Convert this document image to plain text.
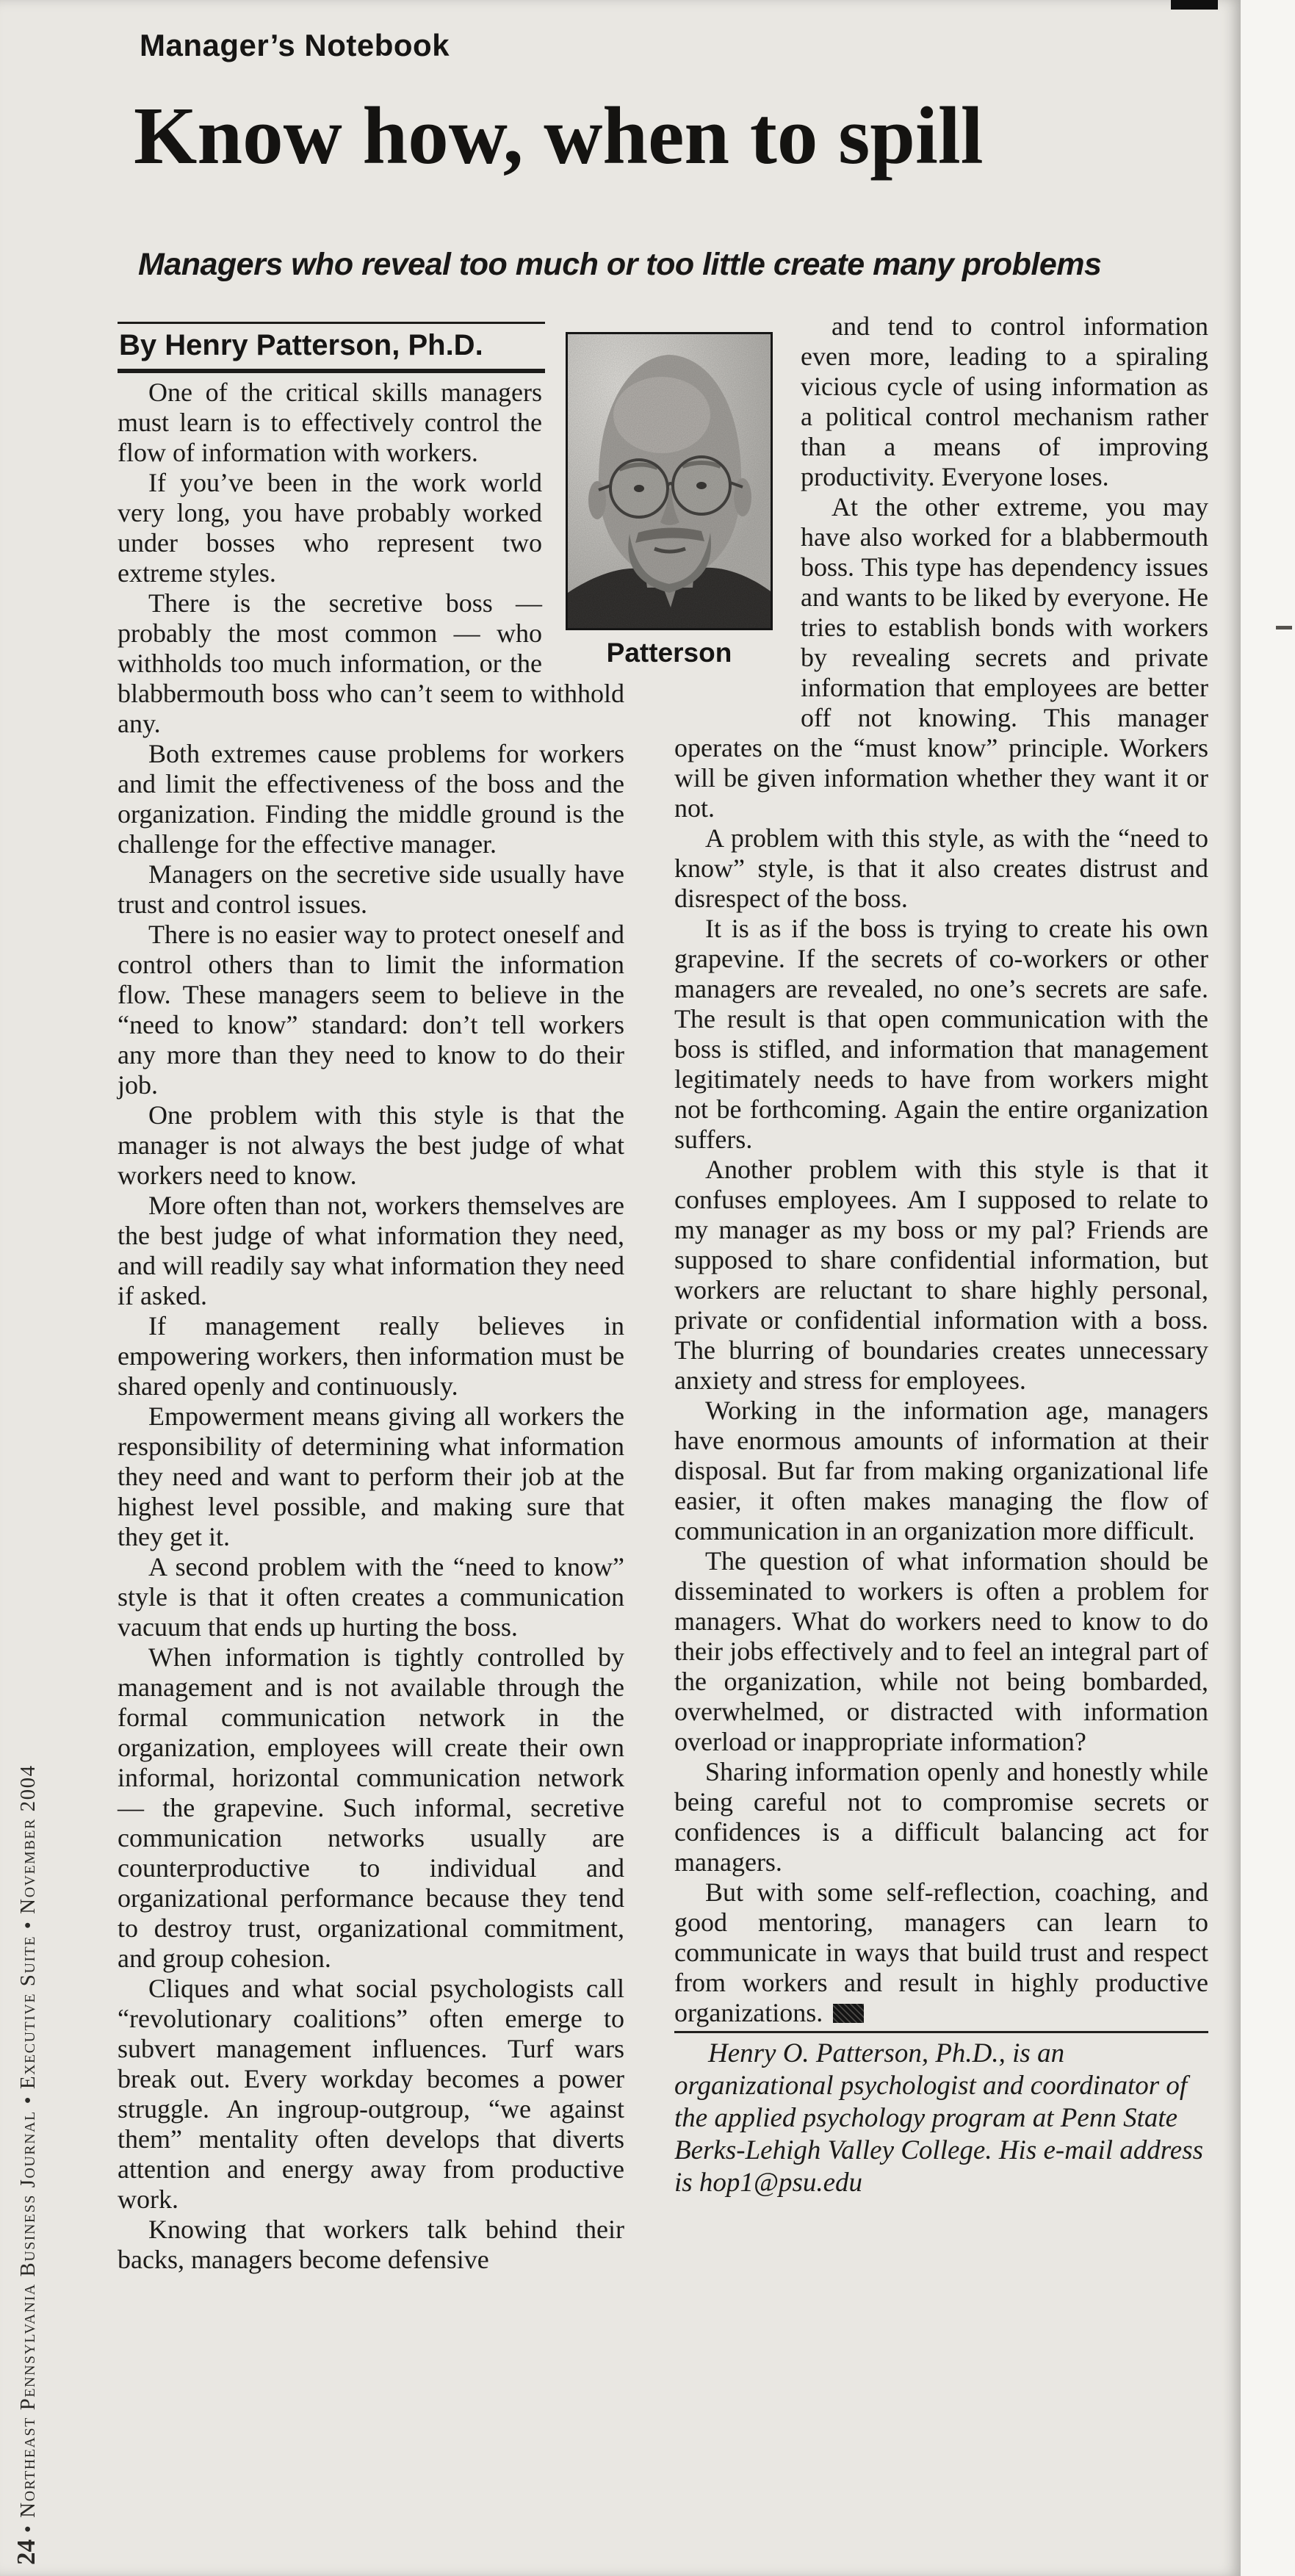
Manager’s Notebook
Know how, when to spill
Managers who reveal too much or too little create many problems
Patterson
By Henry Patterson, Ph.D.

One of the critical skills managers must learn is to effectively control the flow of information with workers.

If you’ve been in the work world very long, you have probably worked under bosses who represent two extreme styles.

There is the secretive boss — probably the most common — who withholds too much information, or the blabbermouth boss who can’t seem to withhold any.

Both extremes cause problems for workers and limit the effectiveness of the boss and the organization. Finding the middle ground is the challenge for the effective manager.

Managers on the secretive side usually have trust and control issues.

There is no easier way to protect oneself and control others than to limit the information flow. These managers seem to believe in the “need to know” standard: don’t tell workers any more than they need to know to do their job.

One problem with this style is that the manager is not always the best judge of what workers need to know.

More often than not, workers themselves are the best judge of what information they need, and will readily say what information they need if asked.

If management really believes in empowering workers, then information must be shared openly and continuously.

Empowerment means giving all workers the responsibility of determining what information they need and want to perform their job at the highest level possible, and making sure that they get it.

A second problem with the “need to know” style is that it often creates a communication vacuum that ends up hurting the boss.

When information is tightly controlled by management and is not available through the formal communication network in the organization, employees will create their own informal, horizontal communication network — the grapevine. Such informal, secretive communication networks usually are counterproductive to individual and organizational performance because they tend to destroy trust, organizational commitment, and group cohesion.

Cliques and what social psychologists call “revolutionary coalitions” often emerge to subvert management influences. Turf wars break out. Every workday becomes a power struggle. An ingroup-outgroup, “we against them” mentality often develops that diverts attention and energy away from productive work.

Knowing that workers talk behind their backs, managers become defensive

and tend to control information even more, leading to a spiraling vicious cycle of using information as a political control mechanism rather than a means of improving productivity. Everyone loses.

At the other extreme, you may have also worked for a blabbermouth boss. This type has dependency issues and wants to be liked by everyone. He tries to establish bonds with workers by revealing secrets and private information that employees are better off not knowing. This manager operates on the “must know” principle. Workers will be given information whether they want it or not.

A problem with this style, as with the “need to know” style, is that it also creates distrust and disrespect of the boss.

It is as if the boss is trying to create his own grapevine. If the secrets of co-workers or other managers are revealed, no one’s secrets are safe. The result is that open communication with the boss is stifled, and information that management legitimately needs to have from workers might not be forthcoming. Again the entire organization suffers.

Another problem with this style is that it confuses employees. Am I supposed to relate to my manager as my boss or my pal? Friends are supposed to share confidential information, but workers are reluctant to share highly personal, private or confidential information with a boss. The blurring of boundaries creates unnecessary anxiety and stress for employees.

Working in the information age, managers have enormous amounts of information at their disposal. But far from making organizational life easier, it often makes managing the flow of communication in an organization more difficult.

The question of what information should be disseminated to workers is often a problem for managers. What do workers need to know to do their jobs effectively and to feel an integral part of the organization, while not being bombarded, overwhelmed, or distracted with information overload or inappropriate information?

Sharing information openly and honestly while being careful not to compromise secrets or confidences is a difficult balancing act for managers.

But with some self-reflection, coaching, and good mentoring, managers can learn to communicate in ways that build trust and respect from workers and result in highly productive organizations.

Henry O. Patterson, Ph.D., is an organizational psychologist and coordinator of the applied psychology program at Penn State Berks-Lehigh Valley College. His e-mail address is hop1@psu.edu

24 • Northeast Pennsylvania Business Journal • Executive Suite • November 2004
